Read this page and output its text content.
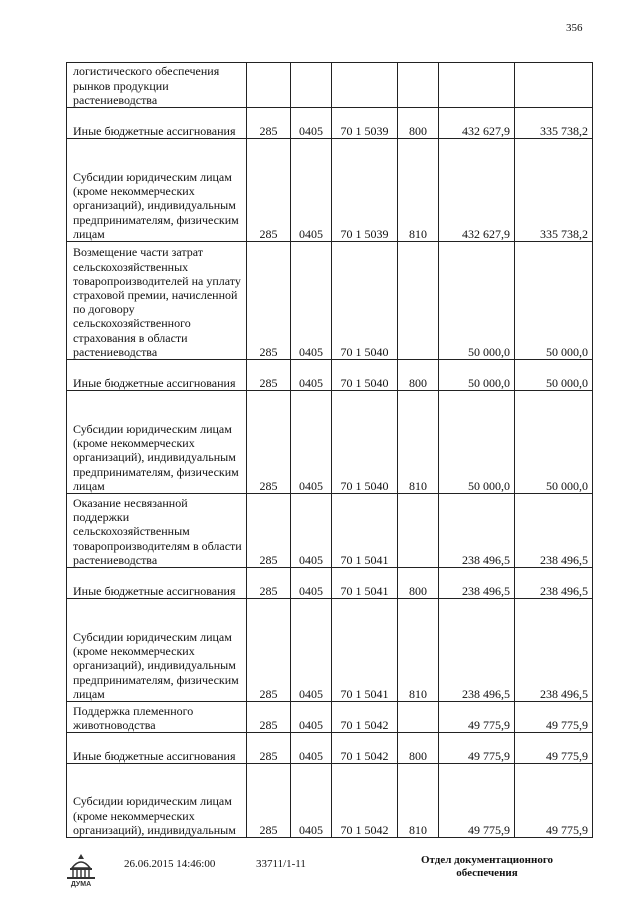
356
логистического обеспечения рынков продукции растениеводства						
Иные бюджетные ассигнования	285	0405	70 1 5039	800	432 627,9	335 738,2
Субсидии юридическим лицам (кроме некоммерческих организаций), индивидуальным предпринимателям, физическим лицам	285	0405	70 1 5039	810	432 627,9	335 738,2
Возмещение части затрат сельскохозяйственных товаропроизводителей на уплату страховой премии, начисленной по договору сельскохозяйственного страхования в области растениеводства	285	0405	70 1 5040		50 000,0	50 000,0
Иные бюджетные ассигнования	285	0405	70 1 5040	800	50 000,0	50 000,0
Субсидии юридическим лицам (кроме некоммерческих организаций), индивидуальным предпринимателям, физическим лицам	285	0405	70 1 5040	810	50 000,0	50 000,0
Оказание несвязанной поддержки сельскохозяйственным товаропроизводителям в области растениеводства	285	0405	70 1 5041		238 496,5	238 496,5
Иные бюджетные ассигнования	285	0405	70 1 5041	800	238 496,5	238 496,5
Субсидии юридическим лицам (кроме некоммерческих организаций), индивидуальным предпринимателям, физическим лицам	285	0405	70 1 5041	810	238 496,5	238 496,5
Поддержка племенного животноводства	285	0405	70 1 5042		49 775,9	49 775,9
Иные бюджетные ассигнования	285	0405	70 1 5042	800	49 775,9	49 775,9
Субсидии юридическим лицам (кроме некоммерческих организаций), индивидуальным	285	0405	70 1 5042	810	49 775,9	49 775,9
ДУМА
26.06.2015 14:46:00	33711/1-11	Отдел документационного обеспечения
